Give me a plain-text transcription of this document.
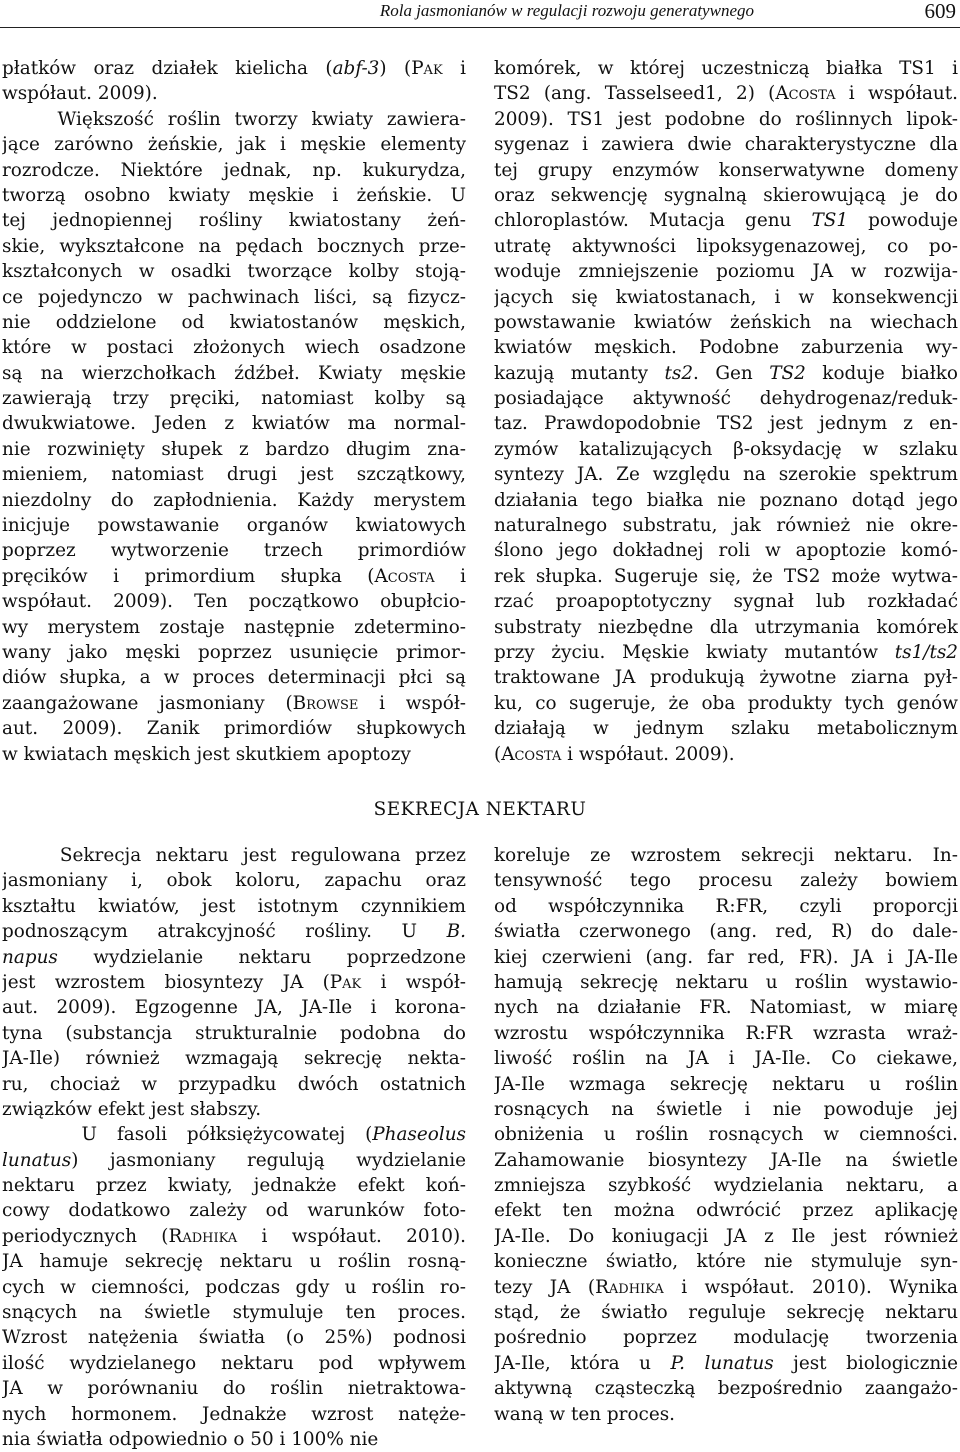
Rola jasmonianów w regulacji rozwoju generatywnego	609
płatków oraz działek kielicha (abf-3) (Pak i
współaut. 2009).
Większość roślin tworzy kwiaty zawiera-
jące zarówno żeńskie, jak i męskie elementy
rozrodcze. Niektóre jednak, np. kukurydza,
tworzą osobno kwiaty męskie i żeńskie. U
tej jednopiennej rośliny kwiatostany żeń-
skie, wykształcone na pędach bocznych prze-
kształconych w osadki tworzące kolby stoją-
ce pojedynczo w pachwinach liści, są fizycz-
nie oddzielone od kwiatostanów męskich,
które w postaci złożonych wiech osadzone
są na wierzchołkach źdźbeł. Kwiaty męskie
zawierają trzy pręciki, natomiast kolby są
dwukwiatowe. Jeden z kwiatów ma normal-
nie rozwinięty słupek z bardzo długim zna-
mieniem, natomiast drugi jest szczątkowy,
niezdolny do zapłodnienia. Każdy merystem
inicjuje powstawanie organów kwiatowych
poprzez wytworzenie trzech primordiów
pręcików i primordium słupka (Acosta i
współaut. 2009). Ten początkowo obupłcio-
wy merystem zostaje następnie zdetermino-
wany jako męski poprzez usunięcie primor-
diów słupka, a w proces determinacji płci są
zaangażowane jasmoniany (Browse i współ-
aut. 2009). Zanik primordiów słupkowych
w kwiatach męskich jest skutkiem apoptozy
komórek, w której uczestniczą białka TS1 i
TS2 (ang. Tasselseed1, 2) (Acosta i współaut.
2009). TS1 jest podobne do roślinnych lipok-
sygenaz i zawiera dwie charakterystyczne dla
tej grupy enzymów konserwatywne domeny
oraz sekwencję sygnalną skierowującą je do
chloroplastów. Mutacja genu TS1 powoduje
utratę aktywności lipoksygenazowej, co po-
woduje zmniejszenie poziomu JA w rozwija-
jących się kwiatostanach, i w konsekwencji
powstawanie kwiatów żeńskich na wiechach
kwiatów męskich. Podobne zaburzenia wy-
kazują mutanty ts2. Gen TS2 koduje białko
posiadające aktywność dehydrogenaz/reduk-
taz. Prawdopodobnie TS2 jest jednym z en-
zymów katalizujących β-oksydację w szlaku
syntezy JA. Ze względu na szerokie spektrum
działania tego białka nie poznano dotąd jego
naturalnego substratu, jak również nie okre-
ślono jego dokładnej roli w apoptozie komó-
rek słupka. Sugeruje się, że TS2 może wytwa-
rzać proapoptotyczny sygnał lub rozkładać
substraty niezbędne dla utrzymania komórek
przy życiu. Męskie kwiaty mutantów ts1/ts2
traktowane JA produkują żywotne ziarna pył-
ku, co sugeruje, że oba produkty tych genów
działają w jednym szlaku metabolicznym
(Acosta i współaut. 2009).
SEKRECJA NEKTARU
Sekrecja nektaru jest regulowana przez
jasmoniany i, obok koloru, zapachu oraz
kształtu kwiatów, jest istotnym czynnikiem
podnoszącym atrakcyjność rośliny. U B.
napus wydzielanie nektaru poprzedzone
jest wzrostem biosyntezy JA (Pak i współ-
aut. 2009). Egzogenne JA, JA-Ile i korona-
tyna (substancja strukturalnie podobna do
JA-Ile) również wzmagają sekrecję nekta-
ru, chociaż w przypadku dwóch ostatnich
związków efekt jest słabszy.
U fasoli półksiężycowatej (Phaseolus
lunatus) jasmoniany regulują wydzielanie
nektaru przez kwiaty, jednakże efekt koń-
cowy dodatkowo zależy od warunków foto-
periodycznych (Radhika i współaut. 2010).
JA hamuje sekrecję nektaru u roślin rosną-
cych w ciemności, podczas gdy u roślin ro-
snących na świetle stymuluje ten proces.
Wzrost natężenia światła (o 25%) podnosi
ilość wydzielanego nektaru pod wpływem
JA w porównaniu do roślin nietraktowa-
nych hormonem. Jednakże wzrost natęże-
nia światła odpowiednio o 50 i 100% nie
koreluje ze wzrostem sekrecji nektaru. In-
tensywność tego procesu zależy bowiem
od współczynnika R:FR, czyli proporcji
światła czerwonego (ang. red, R) do dale-
kiej czerwieni (ang. far red, FR). JA i JA-Ile
hamują sekrecję nektaru u roślin wystawio-
nych na działanie FR. Natomiast, w miarę
wzrostu współczynnika R:FR wzrasta wraż-
liwość roślin na JA i JA-Ile. Co ciekawe,
JA-Ile wzmaga sekrecję nektaru u roślin
rosnących na świetle i nie powoduje jej
obniżenia u roślin rosnących w ciemności.
Zahamowanie biosyntezy JA-Ile na świetle
zmniejsza szybkość wydzielania nektaru, a
efekt ten można odwrócić przez aplikację
JA-Ile. Do koniugacji JA z Ile jest również
konieczne światło, które nie stymuluje syn-
tezy JA (Radhika i współaut. 2010). Wynika
stąd, że światło reguluje sekrecję nektaru
pośrednio poprzez modulację tworzenia
JA-Ile, która u P. lunatus jest biologicznie
aktywną cząsteczką bezpośrednio zaangażo-
waną w ten proces.
